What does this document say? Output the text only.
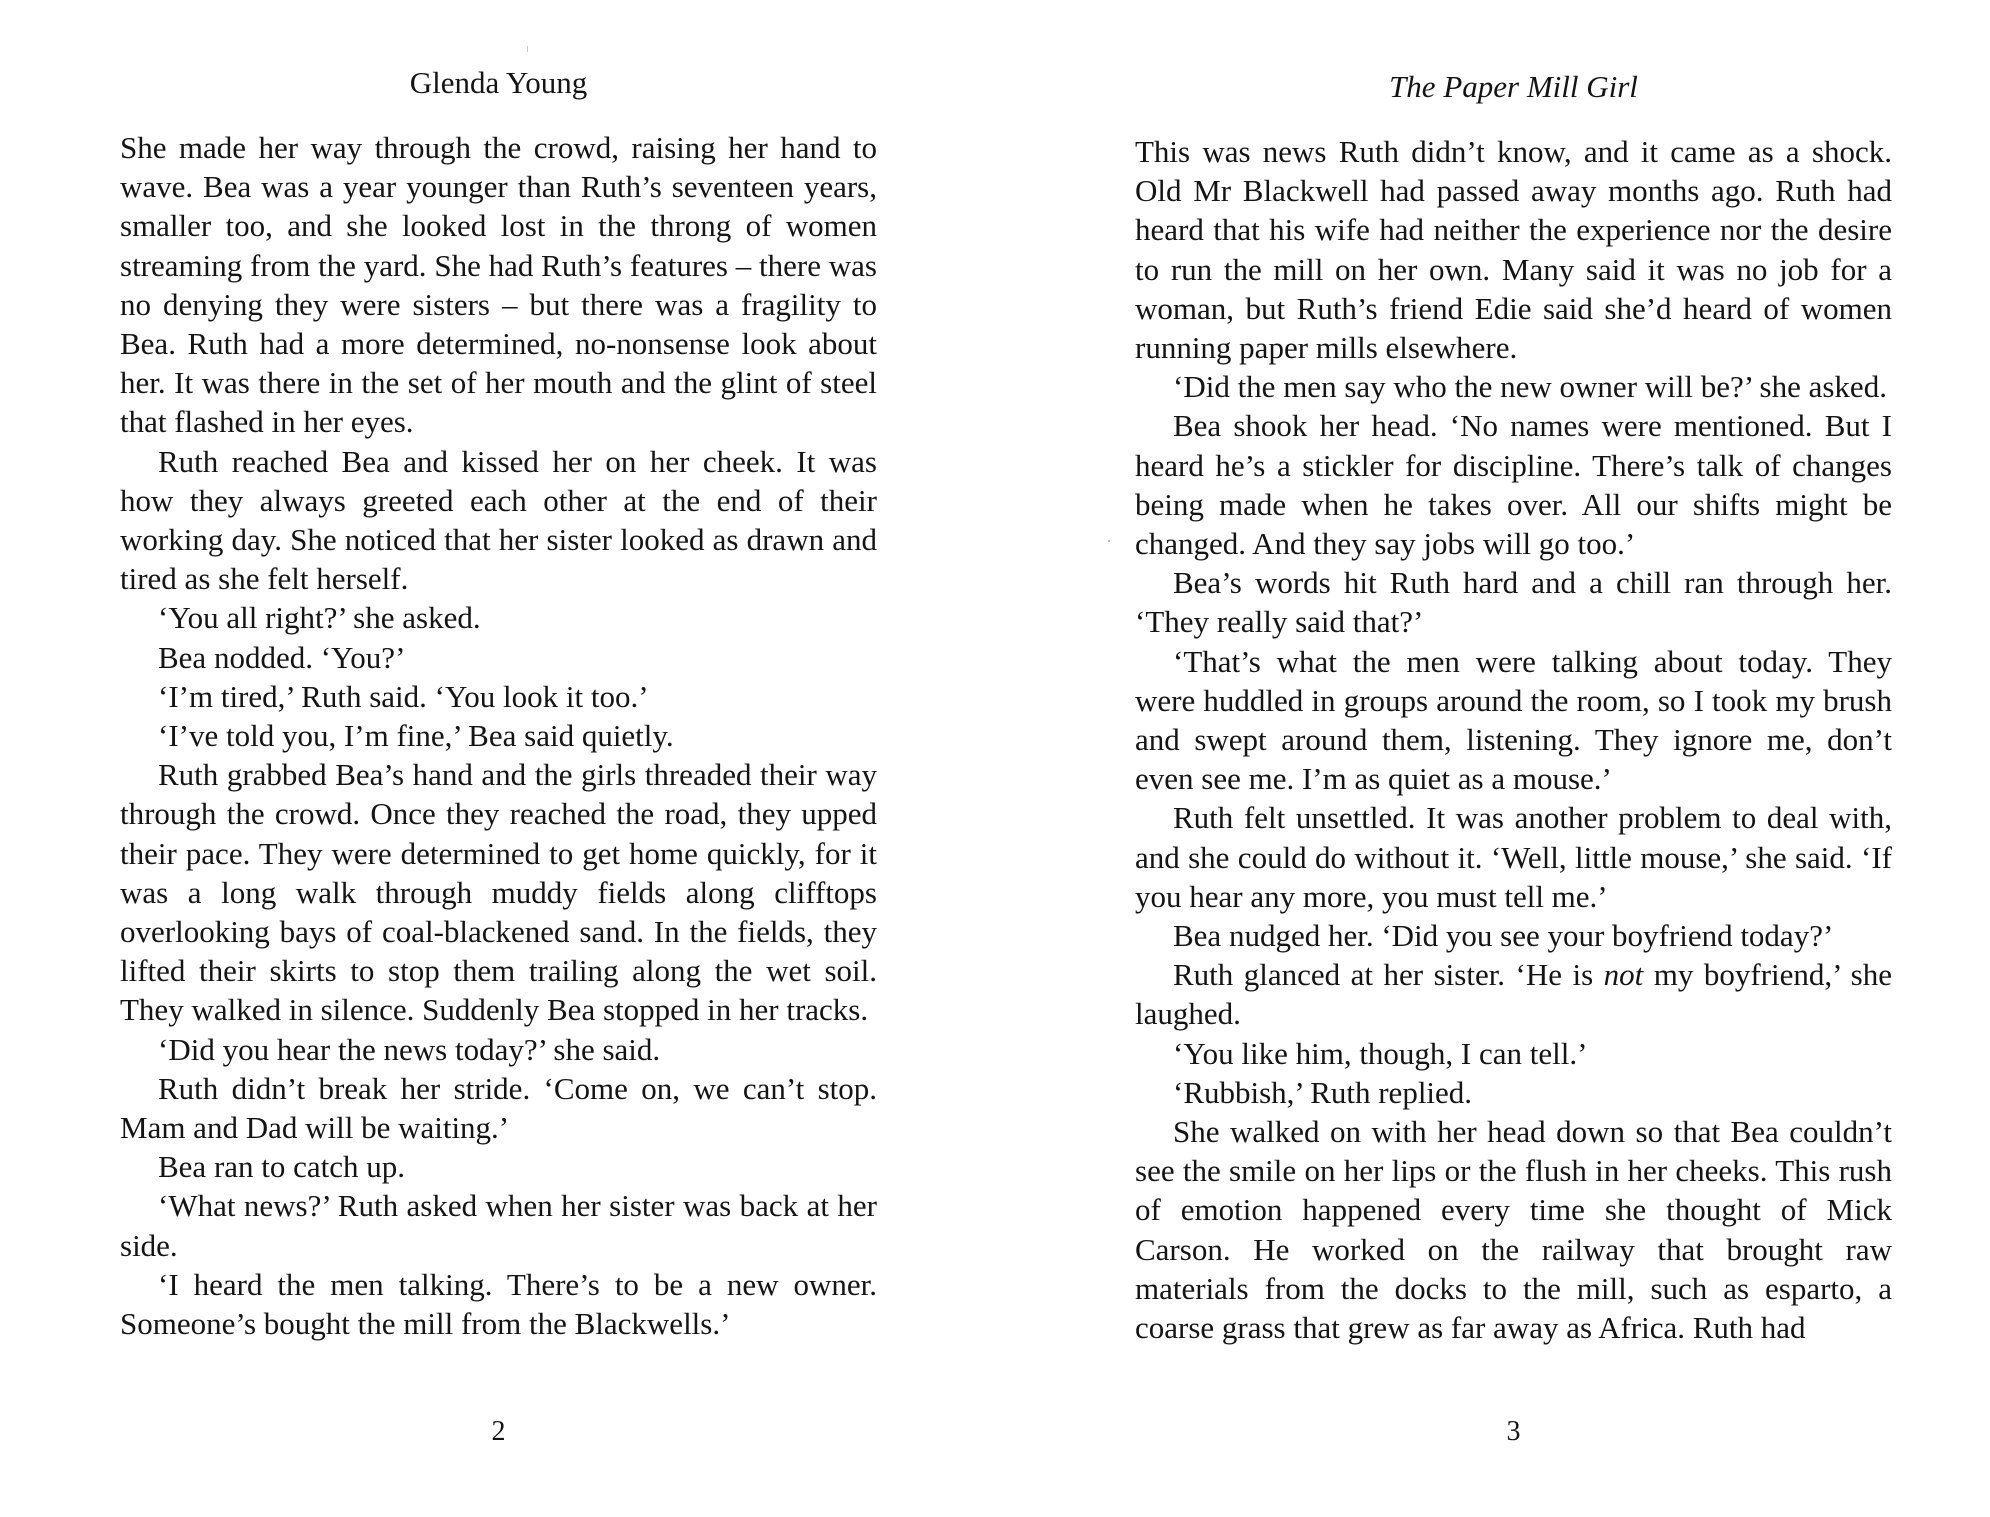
Glenda Young

She made her way through the crowd, raising her hand to wave. Bea was a year younger than Ruth’s seventeen years, smaller too, and she looked lost in the throng of women streaming from the yard. She had Ruth’s features – there was no denying they were sisters – but there was a fragility to Bea. Ruth had a more determined, no-nonsense look about her. It was there in the set of her mouth and the glint of steel that flashed in her eyes.

Ruth reached Bea and kissed her on her cheek. It was how they always greeted each other at the end of their working day. She noticed that her sister looked as drawn and tired as she felt herself.

‘You all right?’ she asked.

Bea nodded. ‘You?’

‘I’m tired,’ Ruth said. ‘You look it too.’

‘I’ve told you, I’m fine,’ Bea said quietly.

Ruth grabbed Bea’s hand and the girls threaded their way through the crowd. Once they reached the road, they upped their pace. They were determined to get home quickly, for it was a long walk through muddy fields along clifftops overlooking bays of coal-blackened sand. In the fields, they lifted their skirts to stop them trailing along the wet soil. They walked in silence. Suddenly Bea stopped in her tracks.

‘Did you hear the news today?’ she said.

Ruth didn’t break her stride. ‘Come on, we can’t stop. Mam and Dad will be waiting.’

Bea ran to catch up.

‘What news?’ Ruth asked when her sister was back at her side.

‘I heard the men talking. There’s to be a new owner. Someone’s bought the mill from the Blackwells.’

2
The Paper Mill Girl

This was news Ruth didn’t know, and it came as a shock. Old Mr Blackwell had passed away months ago. Ruth had heard that his wife had neither the experience nor the desire to run the mill on her own. Many said it was no job for a woman, but Ruth’s friend Edie said she’d heard of women running paper mills elsewhere.

‘Did the men say who the new owner will be?’ she asked.

Bea shook her head. ‘No names were mentioned. But I heard he’s a stickler for discipline. There’s talk of changes being made when he takes over. All our shifts might be changed. And they say jobs will go too.’

Bea’s words hit Ruth hard and a chill ran through her. ‘They really said that?’

‘That’s what the men were talking about today. They were huddled in groups around the room, so I took my brush and swept around them, listening. They ignore me, don’t even see me. I’m as quiet as a mouse.’

Ruth felt unsettled. It was another problem to deal with, and she could do without it. ‘Well, little mouse,’ she said. ‘If you hear any more, you must tell me.’

Bea nudged her. ‘Did you see your boyfriend today?’

Ruth glanced at her sister. ‘He is not my boyfriend,’ she laughed.

‘You like him, though, I can tell.’

‘Rubbish,’ Ruth replied.

She walked on with her head down so that Bea couldn’t see the smile on her lips or the flush in her cheeks. This rush of emotion happened every time she thought of Mick Carson. He worked on the railway that brought raw materials from the docks to the mill, such as esparto, a coarse grass that grew as far away as Africa. Ruth had

3
